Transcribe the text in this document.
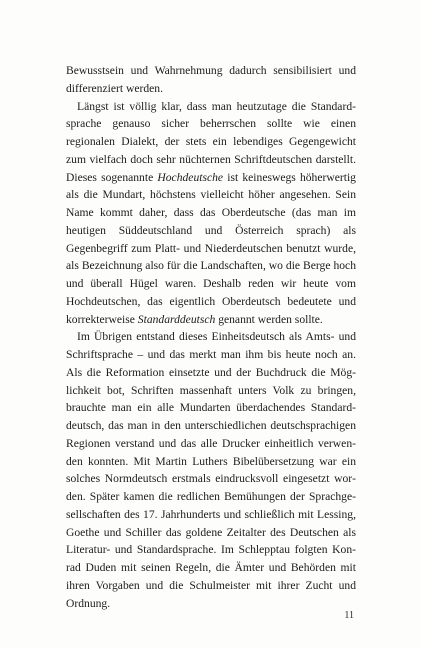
Bewusstsein und Wahrnehmung dadurch sensibilisiert und differenziert werden.

Längst ist völlig klar, dass man heutzutage die Standardsprache genauso sicher beherrschen sollte wie einen regionalen Dialekt, der stets ein lebendiges Gegengewicht zum vielfach doch sehr nüchternen Schriftdeutschen darstellt. Dieses sogenannte Hochdeutsche ist keineswegs höherwertig als die Mundart, höchstens vielleicht höher angesehen. Sein Name kommt daher, dass das Oberdeutsche (das man im heutigen Süddeutschland und Österreich sprach) als Gegenbegriff zum Platt- und Niederdeutschen benutzt wurde, als Bezeichnung also für die Landschaften, wo die Berge hoch und überall Hügel waren. Deshalb reden wir heute vom Hochdeutschen, das eigentlich Oberdeutsch bedeutete und korrekterweise Standarddeutsch genannt werden sollte.

Im Übrigen entstand dieses Einheitsdeutsch als Amts- und Schriftsprache – und das merkt man ihm bis heute noch an. Als die Reformation einsetzte und der Buchdruck die Möglichkeit bot, Schriften massenhaft unters Volk zu bringen, brauchte man ein alle Mundarten überdachendes Standarddeutsch, das man in den unterschiedlichen deutschsprachigen Regionen verstand und das alle Drucker einheitlich verwenden konnten. Mit Martin Luthers Bibelübersetzung war ein solches Normdeutsch erstmals eindrucksvoll eingesetzt worden. Später kamen die redlichen Bemühungen der Sprachgesellschaften des 17. Jahrhunderts und schließlich mit Lessing, Goethe und Schiller das goldene Zeitalter des Deutschen als Literatur- und Standardsprache. Im Schlepptau folgten Konrad Duden mit seinen Regeln, die Ämter und Behörden mit ihren Vorgaben und die Schulmeister mit ihrer Zucht und Ordnung.

11
